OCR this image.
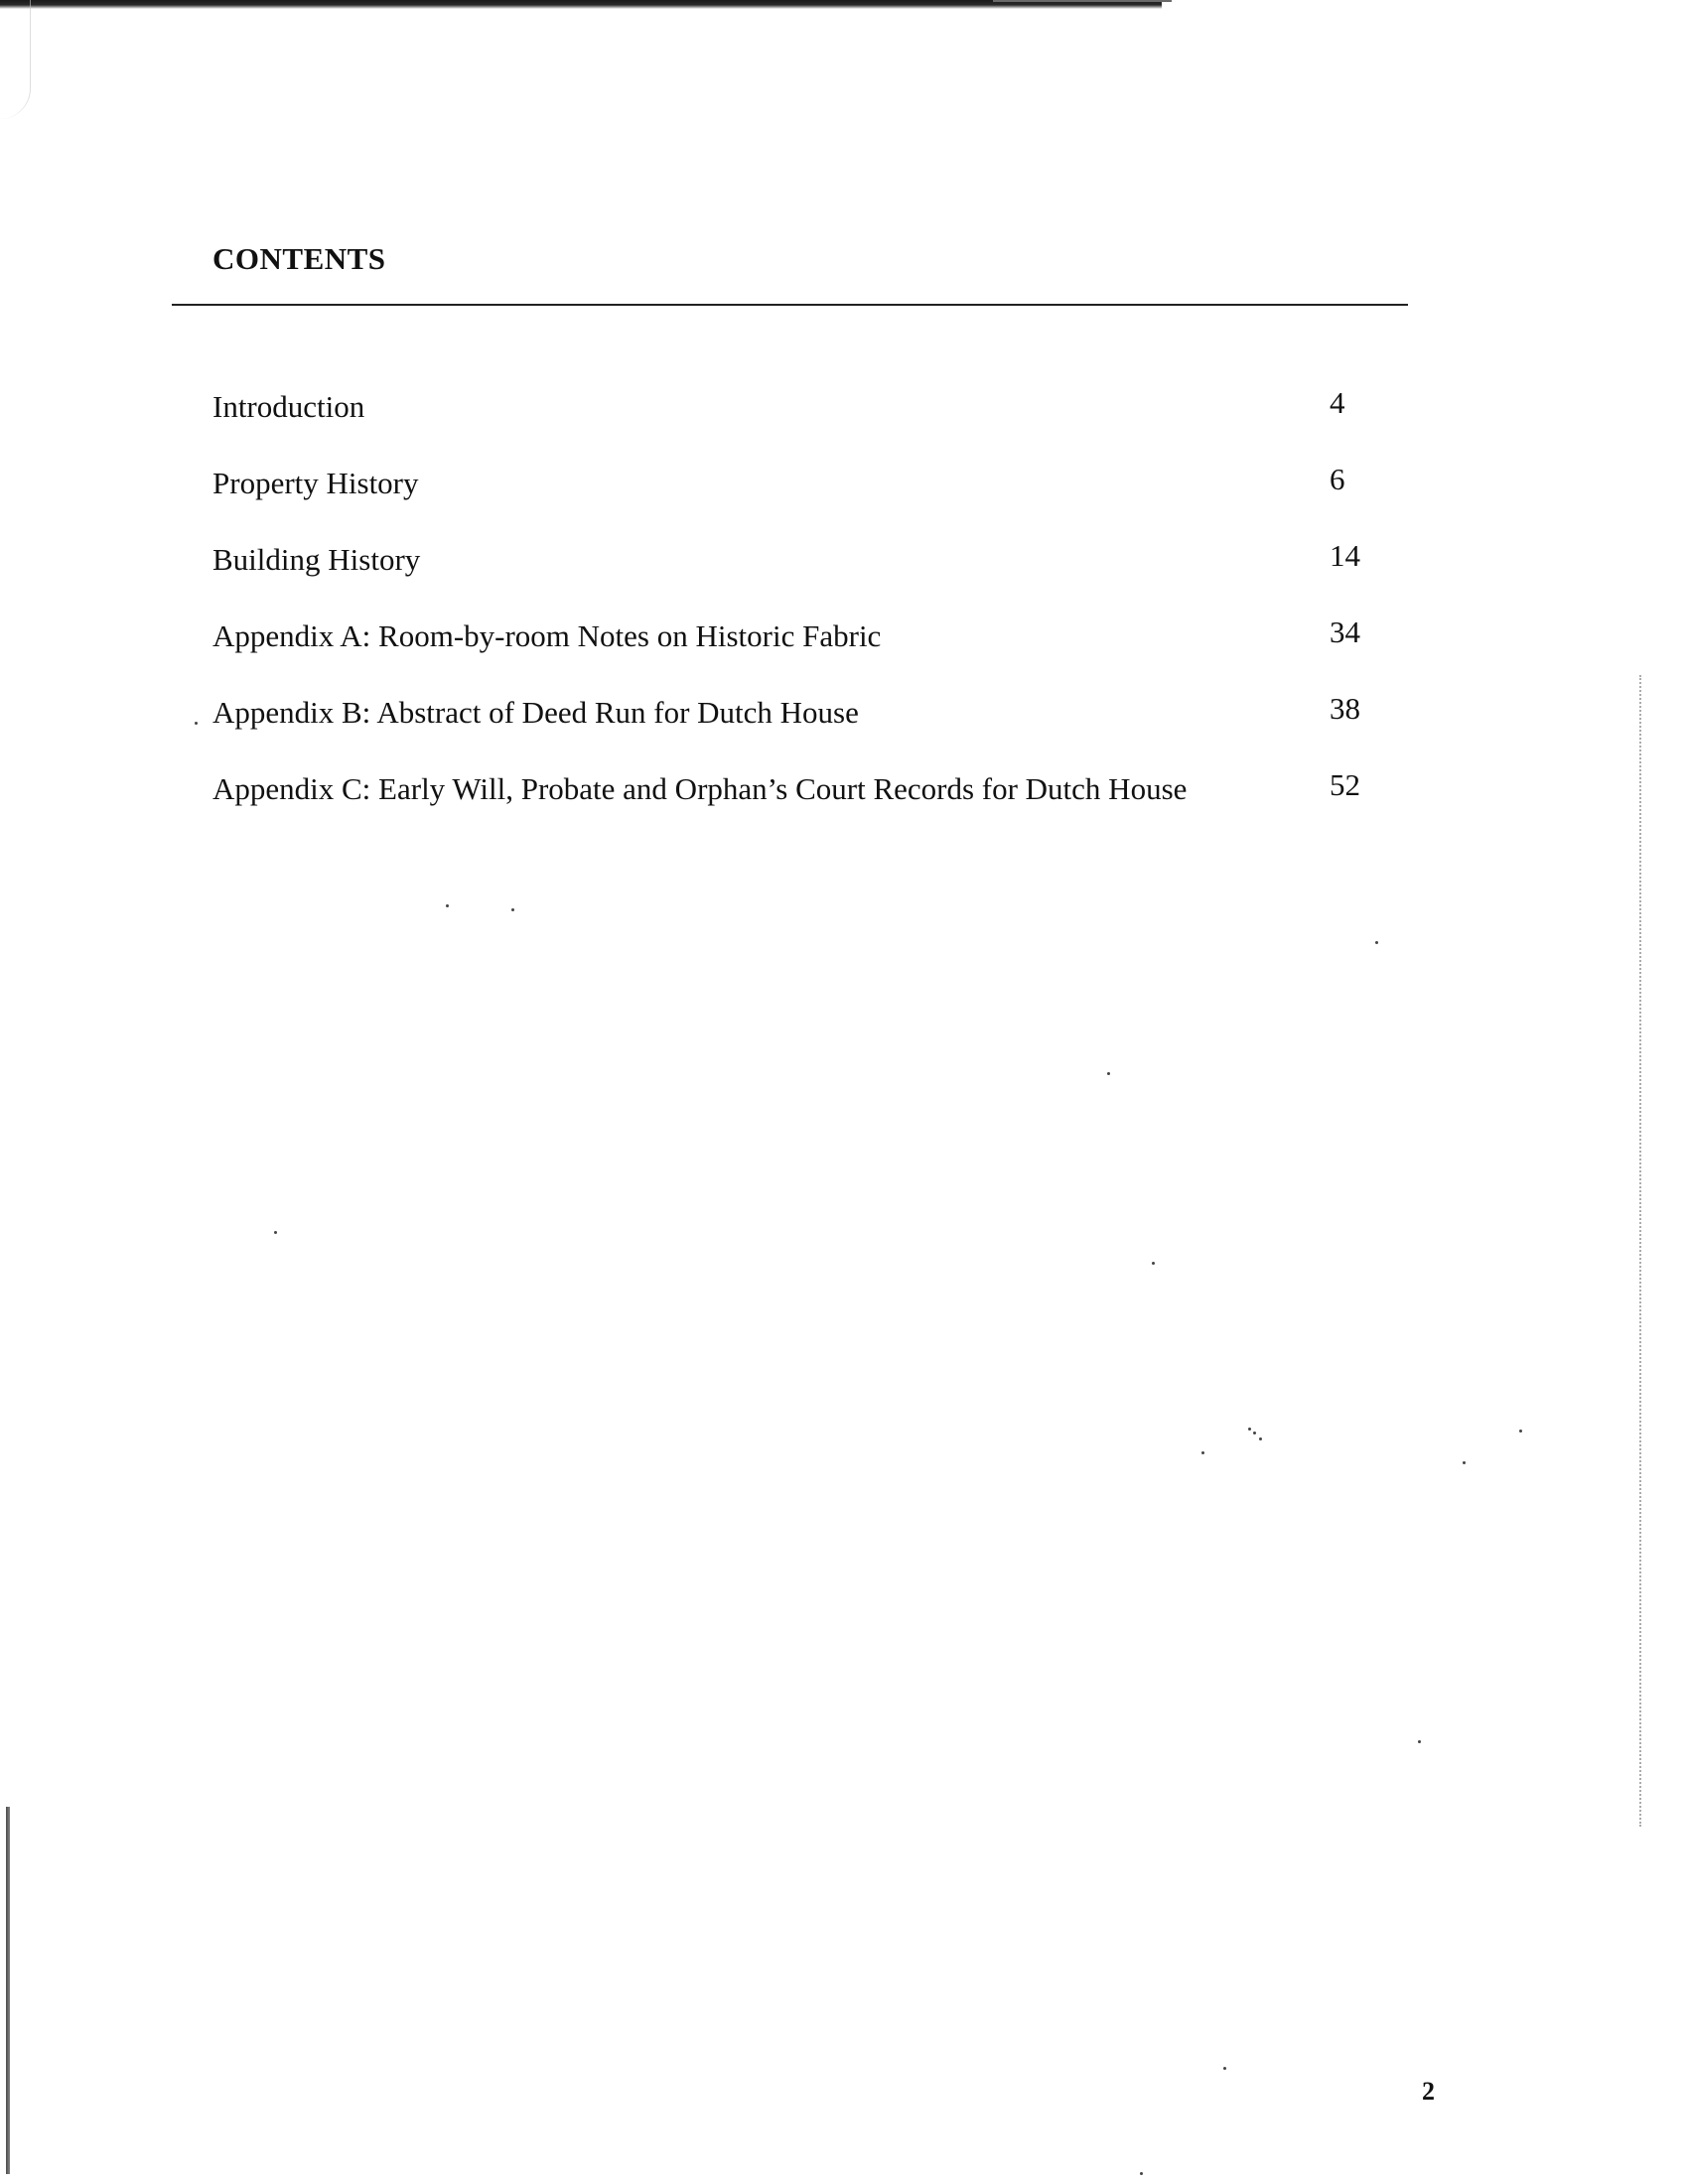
CONTENTS
Introduction	4
Property History	6
Building History	14
Appendix A: Room-by-room Notes on Historic Fabric	34
Appendix B: Abstract of Deed Run for Dutch House	38
Appendix C: Early Will, Probate and Orphan’s Court Records for Dutch House	52
2
